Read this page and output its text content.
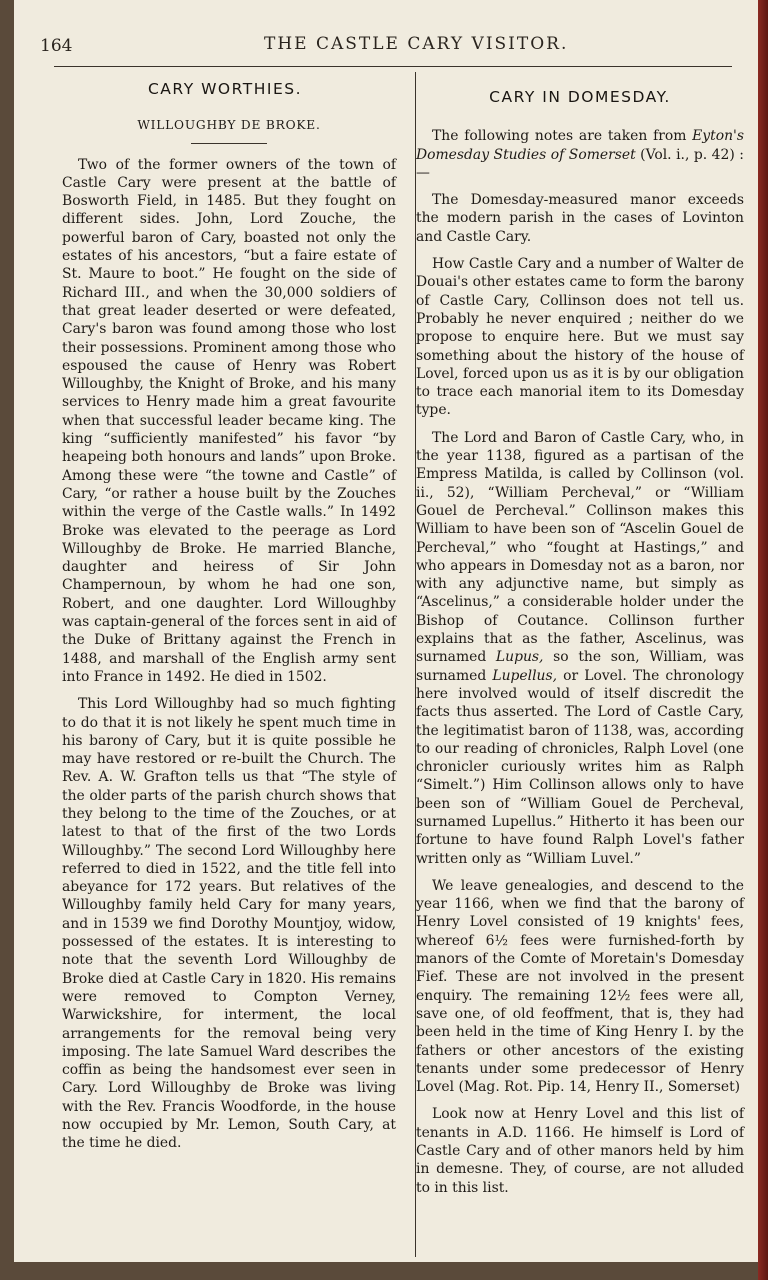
164	THE CASTLE CARY VISITOR.
CARY WORTHIES.
WILLOUGHBY DE BROKE.

Two of the former owners of the town of Castle Cary were present at the battle of Bosworth Field, in 1485. But they fought on different sides. John, Lord Zouche, the powerful baron of Cary, boasted not only the estates of his ancestors, “but a faire estate of St. Maure to boot.” He fought on the side of Richard III., and when the 30,000 soldiers of that great leader deserted or were defeated, Cary's baron was found among those who lost their possessions. Prominent among those who espoused the cause of Henry was Robert Willoughby, the Knight of Broke, and his many services to Henry made him a great favourite when that successful leader became king. The king “sufficiently manifested” his favor “by heapeing both honours and lands” upon Broke. Among these were “the towne and Castle” of Cary, “or rather a house built by the Zouches within the verge of the Castle walls.” In 1492 Broke was elevated to the peerage as Lord Willoughby de Broke. He married Blanche, daughter and heiress of Sir John Champernoun, by whom he had one son, Robert, and one daughter. Lord Willoughby was captain-general of the forces sent in aid of the Duke of Brittany against the French in 1488, and marshall of the English army sent into France in 1492. He died in 1502.

This Lord Willoughby had so much fighting to do that it is not likely he spent much time in his barony of Cary, but it is quite possible he may have restored or re-built the Church. The Rev. A. W. Grafton tells us that “The style of the older parts of the parish church shows that they belong to the time of the Zouches, or at latest to that of the first of the two Lords Willoughby.” The second Lord Willoughby here referred to died in 1522, and the title fell into abeyance for 172 years. But relatives of the Willoughby family held Cary for many years, and in 1539 we find Dorothy Mountjoy, widow, possessed of the estates. It is interesting to note that the seventh Lord Willoughby de Broke died at Castle Cary in 1820. His remains were removed to Compton Verney, Warwickshire, for interment, the local arrangements for the removal being very imposing. The late Samuel Ward describes the coffin as being the handsomest ever seen in Cary. Lord Willoughby de Broke was living with the Rev. Francis Woodforde, in the house now occupied by Mr. Lemon, South Cary, at the time he died.

CARY IN DOMESDAY.

The following notes are taken from Eyton's Domesday Studies of Somerset (Vol. i., p. 42) :—

The Domesday-measured manor exceeds the modern parish in the cases of Lovinton and Castle Cary.

How Castle Cary and a number of Walter de Douai's other estates came to form the barony of Castle Cary, Collinson does not tell us. Probably he never enquired ; neither do we propose to enquire here. But we must say something about the history of the house of Lovel, forced upon us as it is by our obligation to trace each manorial item to its Domesday type.

The Lord and Baron of Castle Cary, who, in the year 1138, figured as a partisan of the Empress Matilda, is called by Collinson (vol. ii., 52), “William Percheval,” or “William Gouel de Percheval.” Collinson makes this William to have been son of “Ascelin Gouel de Percheval,” who “fought at Hastings,” and who appears in Domesday not as a baron, nor with any adjunctive name, but simply as “Ascelinus,” a considerable holder under the Bishop of Coutance. Collinson further explains that as the father, Ascelinus, was surnamed Lupus, so the son, William, was surnamed Lupellus, or Lovel. The chronology here involved would of itself discredit the facts thus asserted. The Lord of Castle Cary, the legitimatist baron of 1138, was, according to our reading of chronicles, Ralph Lovel (one chronicler curiously writes him as Ralph “Simelt.”) Him Collinson allows only to have been son of “William Gouel de Percheval, surnamed Lupellus.” Hitherto it has been our fortune to have found Ralph Lovel's father written only as “William Luvel.”

We leave genealogies, and descend to the year 1166, when we find that the barony of Henry Lovel consisted of 19 knights' fees, whereof 6½ fees were furnished-forth by manors of the Comte of Moretain's Domesday Fief. These are not involved in the present enquiry. The remaining 12½ fees were all, save one, of old feoffment, that is, they had been held in the time of King Henry I. by the fathers or other ancestors of the existing tenants under some predecessor of Henry Lovel (Mag. Rot. Pip. 14, Henry II., Somerset)

Look now at Henry Lovel and this list of tenants in A.D. 1166. He himself is Lord of Castle Cary and of other manors held by him in demesne. They, of course, are not alluded to in this list.
